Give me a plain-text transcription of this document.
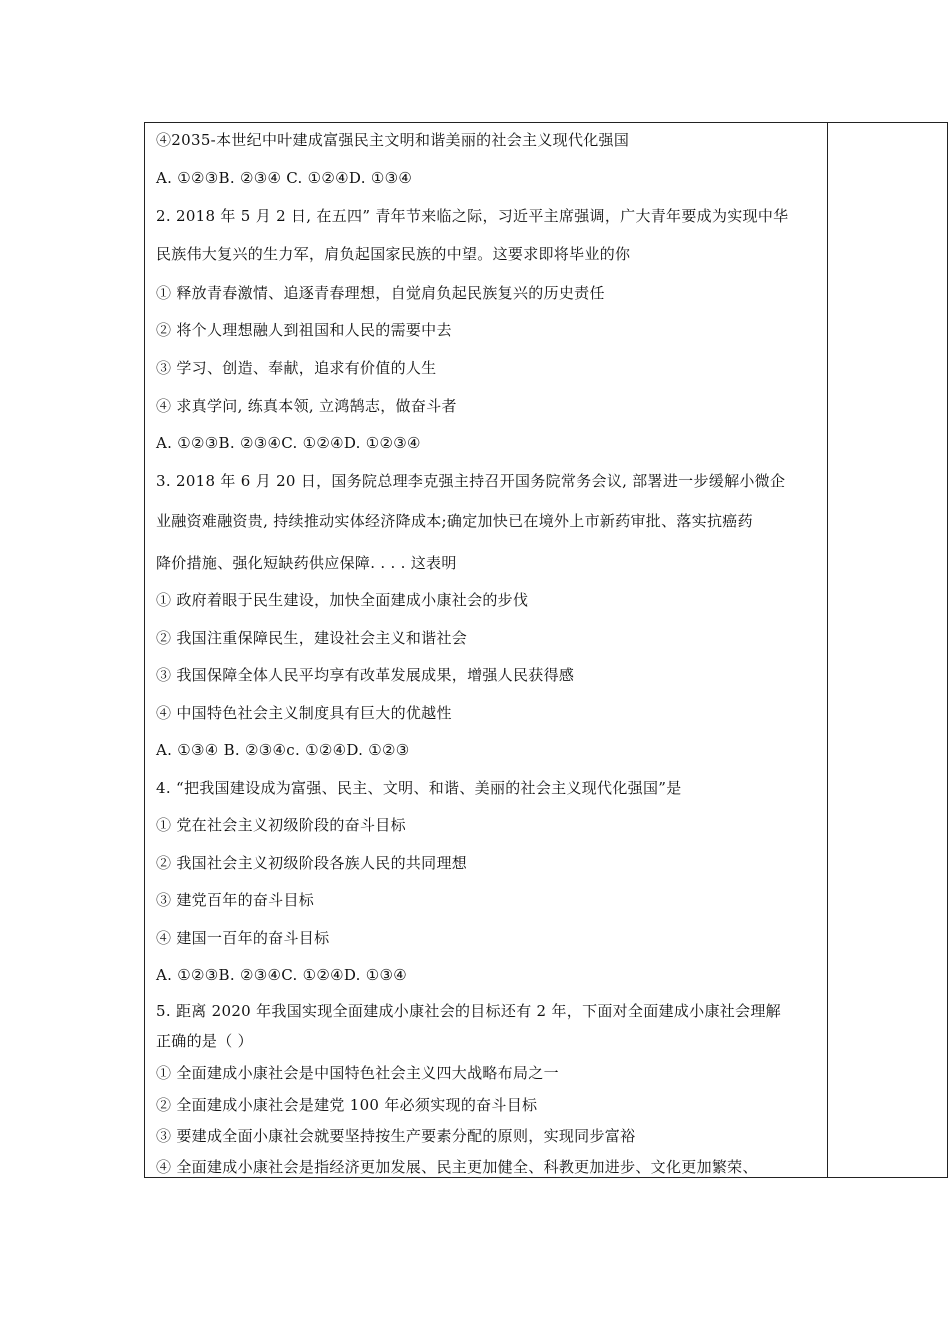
④2035-本世纪中叶建成富强民主文明和谐美丽的社会主义现代化强国
A. ①②③B. ②③④ C. ①②④D. ①③④
2. 2018 年 5 月 2 日, 在五四” 青年节来临之际，习近平主席强调，广大青年要成为实现中华
民族伟大复兴的生力军，肩负起国家民族的中望。这要求即将毕业的你
① 释放青春激情、追逐青春理想，自觉肩负起民族复兴的历史责任
② 将个人理想融人到祖国和人民的需要中去
③ 学习、创造、奉献，追求有价值的人生
④ 求真学问, 练真本领, 立鸿鹄志，做奋斗者
A. ①②③B. ②③④C. ①②④D. ①②③④
3. 2018 年 6 月 20 日，国务院总理李克强主持召开国务院常务会议, 部署进一步缓解小微企
业融资难融资贵, 持续推动实体经济降成本;确定加快已在境外上市新药审批、落实抗癌药
降价措施、强化短缺药供应保障. . . . 这表明
① 政府着眼于民生建设，加快全面建成小康社会的步伐
② 我国注重保障民生，建设社会主义和谐社会
③ 我国保障全体人民平均享有改革发展成果，增强人民获得感
④ 中国特色社会主义制度具有巨大的优越性
A. ①③④ B. ②③④c. ①②④D. ①②③
4. “把我国建设成为富强、民主、文明、和谐、美丽的社会主义现代化强国”是
① 党在社会主义初级阶段的奋斗目标
② 我国社会主义初级阶段各族人民的共同理想
③ 建党百年的奋斗目标
④ 建国一百年的奋斗目标
A. ①②③B. ②③④C. ①②④D. ①③④
5. 距离 2020 年我国实现全面建成小康社会的目标还有 2 年，下面对全面建成小康社会理解
正确的是（ ）
① 全面建成小康社会是中国特色社会主义四大战略布局之一
② 全面建成小康社会是建党 100 年必须实现的奋斗目标
③ 要建成全面小康社会就要坚持按生产要素分配的原则，实现同步富裕
④ 全面建成小康社会是指经济更加发展、民主更加健全、科教更加进步、文化更加繁荣、
